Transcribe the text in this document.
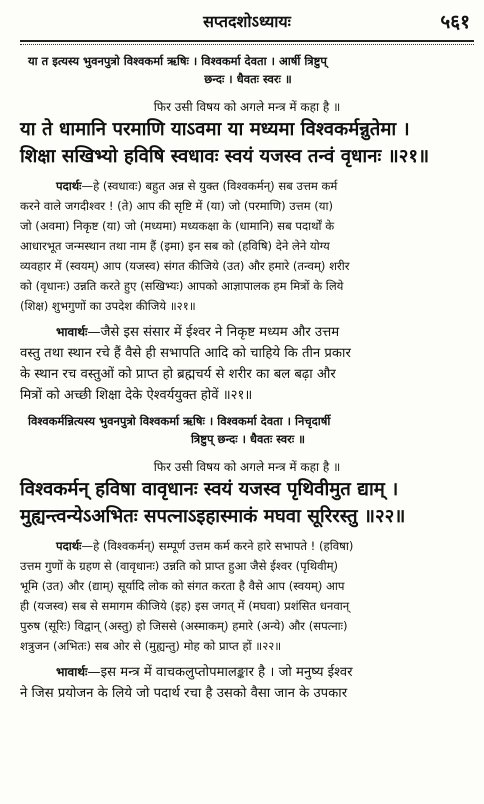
सप्तदशोऽध्यायः	५६१
या त इत्यस्य भुवनपुत्रो विश्वकर्मा ऋषिः । विश्वकर्मा देवता । आर्षी त्रिष्टुप्
छन्दः । धैवतः स्वरः ॥
फिर उसी विषय को अगले मन्त्र में कहा है ॥
या ते धामानि परमाणि याऽवमा या मध्यमा विश्वकर्मन्नुतेमा ।
शिक्षा सखिभ्यो हविषि स्वधावः स्वयं यजस्व तन्वं वृधानः ॥२१॥
पदार्थः—हे (स्वधावः) बहुत अन्न से युक्त (विश्वकर्मन्) सब उत्तम कर्म
करने वाले जगदीश्वर ! (ते) आप की सृष्टि में (या) जो (परमाणि) उत्तम (या)
जो (अवमा) निकृष्ट (या) जो (मध्यमा) मध्यकक्षा के (धामानि) सब पदार्थों के
आधारभूत जन्मस्थान तथा नाम हैं (इमा) इन सब को (हविषि) देने लेने योग्य
व्यवहार में (स्वयम्) आप (यजस्व) संगत कीजिये (उत) और हमारे (तन्वम्) शरीर
को (वृधानः) उन्नति करते हुए (सखिभ्यः) आपको आज्ञापालक हम मित्रों के लिये
(शिक्ष) शुभगुणों का उपदेश कीजिये ॥२१॥
भावार्थः—जैसे इस संसार में ईश्वर ने निकृष्ट मध्यम और उत्तम
वस्तु तथा स्थान रचे हैं वैसे ही सभापति आदि को चाहिये कि तीन प्रकार
के स्थान रच वस्तुओं को प्राप्त हो ब्रह्मचर्य से शरीर का बल बढ़ा और
मित्रों को अच्छी शिक्षा देके ऐश्वर्ययुक्त होवें ॥२१॥
विश्वकर्मन्नित्यस्य भुवनपुत्रो विश्वकर्मा ऋषिः । विश्वकर्मा देवता । निचृदार्षी
त्रिष्टुप् छन्दः । धैवतः स्वरः ॥
फिर उसी विषय को अगले मन्त्र में कहा है ॥
विश्वकर्मन् हविषा वावृधानः स्वयं यजस्व पृथिवीमुत द्याम् ।
मुह्यन्त्वन्येऽअभितः सपत्नाऽइहास्माकं मघवा सूरिरस्तु ॥२२॥
पदार्थः—हे (विश्वकर्मन्) सम्पूर्ण उत्तम कर्म करने हारे सभापते ! (हविषा)
उत्तम गुणों के ग्रहण से (वावृधानः) उन्नति को प्राप्त हुआ जैसे ईश्वर (पृथिवीम्)
भूमि (उत) और (द्याम्) सूर्यादि लोक को संगत करता है वैसे आप (स्वयम्) आप
ही (यजस्व) सब से समागम कीजिये (इह) इस जगत् में (मघवा) प्रशंसित धनवान्
पुरुष (सूरिः) विद्वान् (अस्तु) हो जिससे (अस्माकम्) हमारे (अन्ये) और (सपत्नाः)
शत्रुजन (अभितः) सब ओर से (मुह्यन्तु) मोह को प्राप्त हों ॥२२॥
भावार्थः—इस मन्त्र में वाचकलुप्तोपमालङ्कार है । जो मनुष्य ईश्वर
ने जिस प्रयोजन के लिये जो पदार्थ रचा है उसको वैसा जान के उपकार
